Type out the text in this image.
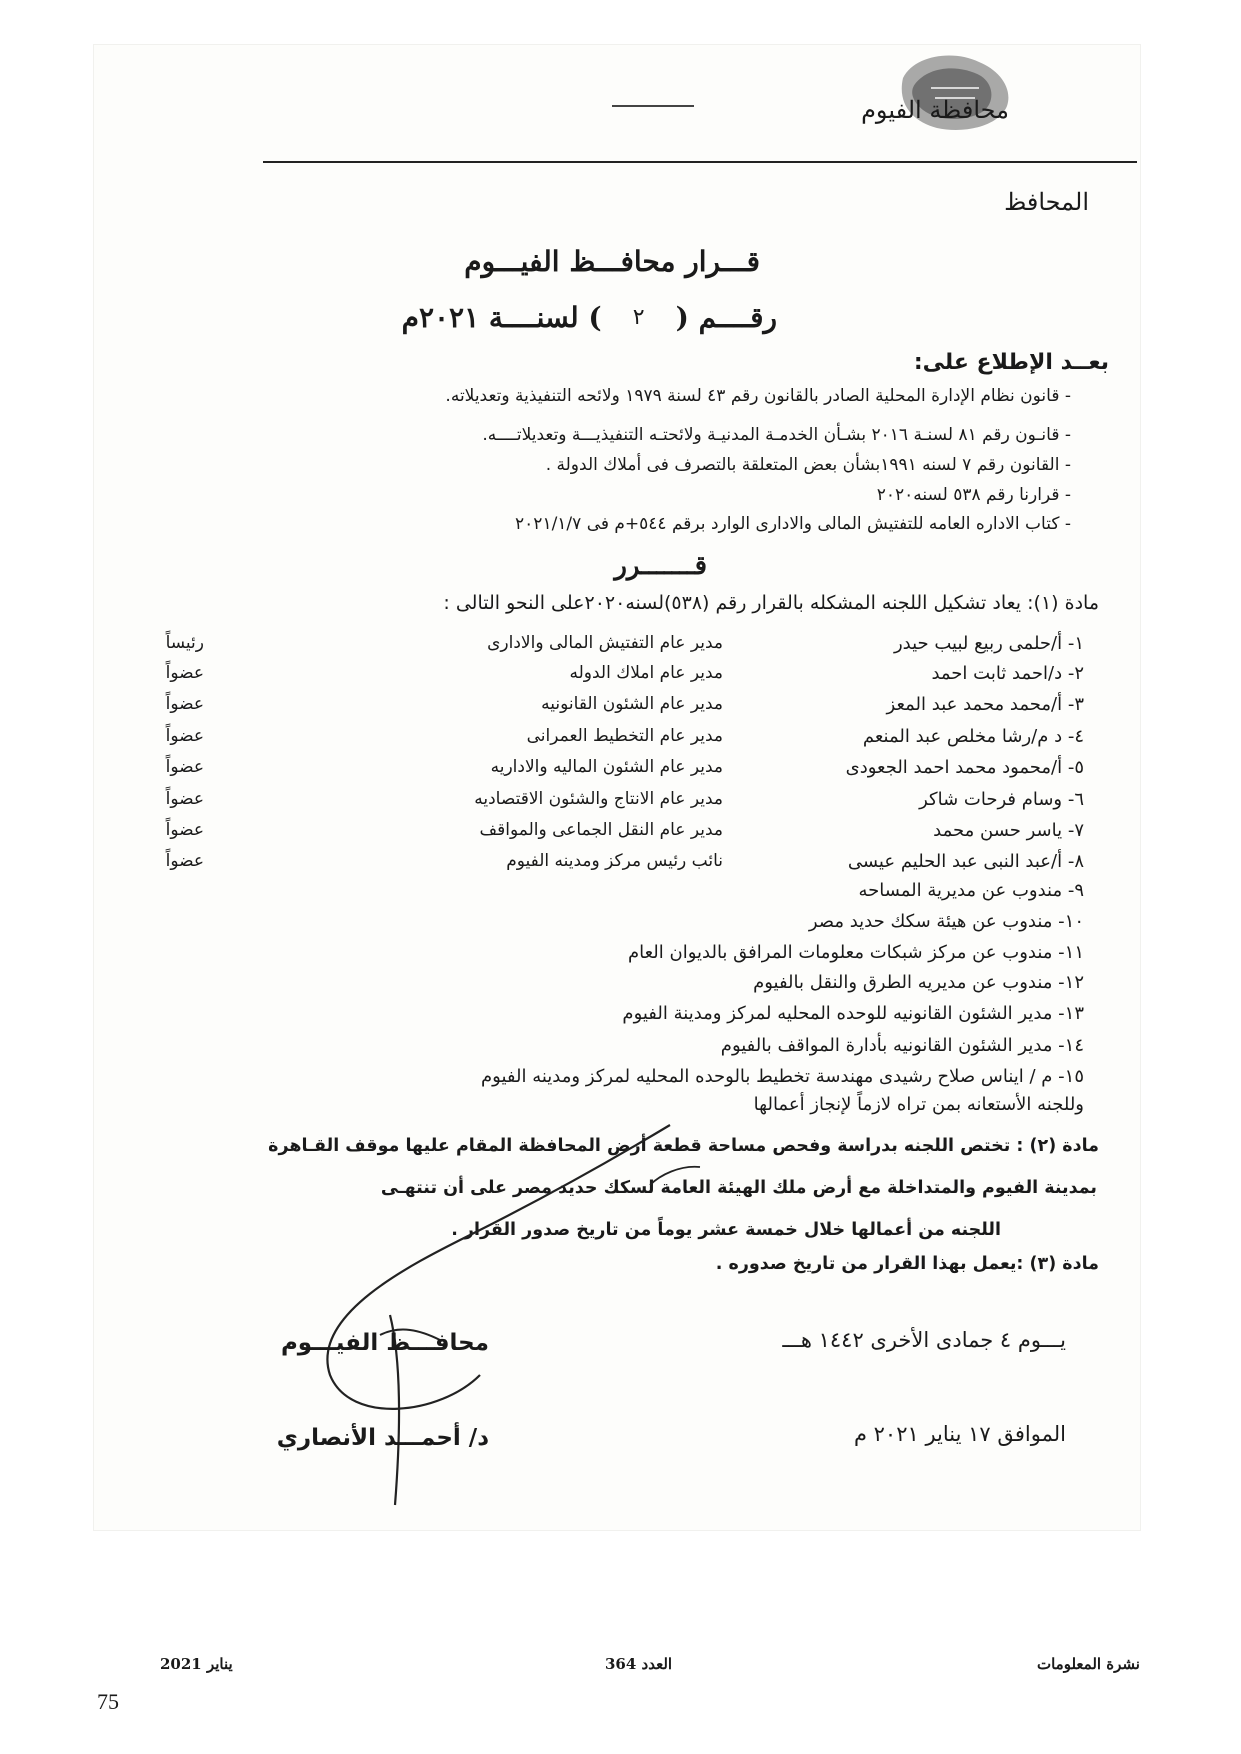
محافظة الفيوم
المحافظ
قـــرار محافـــظ الفيـــوم
رقــــم (
٢
) لسنــــة ٢٠٢١م
بعــد الإطلاع على:
- قانون نظام الإدارة المحلية الصادر بالقانون رقم ٤٣ لسنة ١٩٧٩ ولائحه التنفيذية وتعديلاته.
- قانـون رقم ٨١ لسنـة ٢٠١٦ بشـأن الخدمـة المدنيـة ولائحتـه التنفيذيـــة وتعديلاتــــه.
- القانون رقم ٧ لسنه ١٩٩١بشأن بعض المتعلقة بالتصرف فى أملاك الدولة .
- قرارنا رقم ٥٣٨ لسنه٢٠٢٠
- كتاب الاداره العامه للتفتيش المالى والادارى الوارد برقم ٥٤٤+م فى ٢٠٢١/١/٧
قـــــــرر
مادة (١): يعاد تشكيل اللجنه المشكله بالقرار رقم (٥٣٨)لسنه٢٠٢٠على النحو التالى :
١- أ/حلمى ربيع لبيب حيدر
مدير عام التفتيش المالى والادارى
رئيساً
٢- د/احمد ثابت احمد
مدير عام املاك الدوله
عضواً
٣- أ/محمد محمد عبد المعز
مدير عام الشئون القانونيه
عضواً
٤- د م/رشا مخلص عبد المنعم
مدير عام التخطيط العمرانى
عضواً
٥- أ/محمود محمد احمد الجعودى
مدير عام الشئون الماليه والاداريه
عضواً
٦- وسام فرحات شاكر
مدير عام الانتاج والشئون الاقتصاديه
عضواً
٧- ياسر حسن محمد
مدير عام النقل الجماعى والمواقف
عضواً
٨- أ/عبد النبى عبد الحليم عيسى
نائب رئيس مركز ومدينه الفيوم
عضواً
٩- مندوب عن مديرية المساحه
١٠- مندوب عن هيئة سكك حديد مصر
١١- مندوب عن مركز شبكات معلومات المرافق بالديوان العام
١٢- مندوب عن مديريه الطرق والنقل بالفيوم
١٣- مدير الشئون القانونيه للوحده المحليه لمركز ومدينة الفيوم
١٤- مدير الشئون القانونيه بأدارة المواقف بالفيوم
١٥- م / ايناس صلاح رشيدى مهندسة تخطيط بالوحده المحليه لمركز ومدينه الفيوم
وللجنه الأستعانه بمن تراه لازماً لإنجاز أعمالها
مادة (٢) : تختص اللجنه بدراسة وفحص مساحة قطعة أرض المحافظة المقام عليها موقف القـاهرة
بمدينة الفيوم والمتداخلة مع أرض ملك الهيئة العامة لسكك حديد مصر على أن تنتهـى
اللجنه من أعمالها خلال خمسة عشر يوماً من تاريخ صدور القرار .
مادة (٣) :يعمل بهذا القرار من تاريخ صدوره .
يـــوم ٤ جمادى الأخرى ١٤٤٢ هـــ
الموافق ١٧ يناير ٢٠٢١ م
محافـــظ الفيـــوم
د/ أحمـــد الأنصاري
يناير 2021	العدد 364	نشرة المعلومات
75
